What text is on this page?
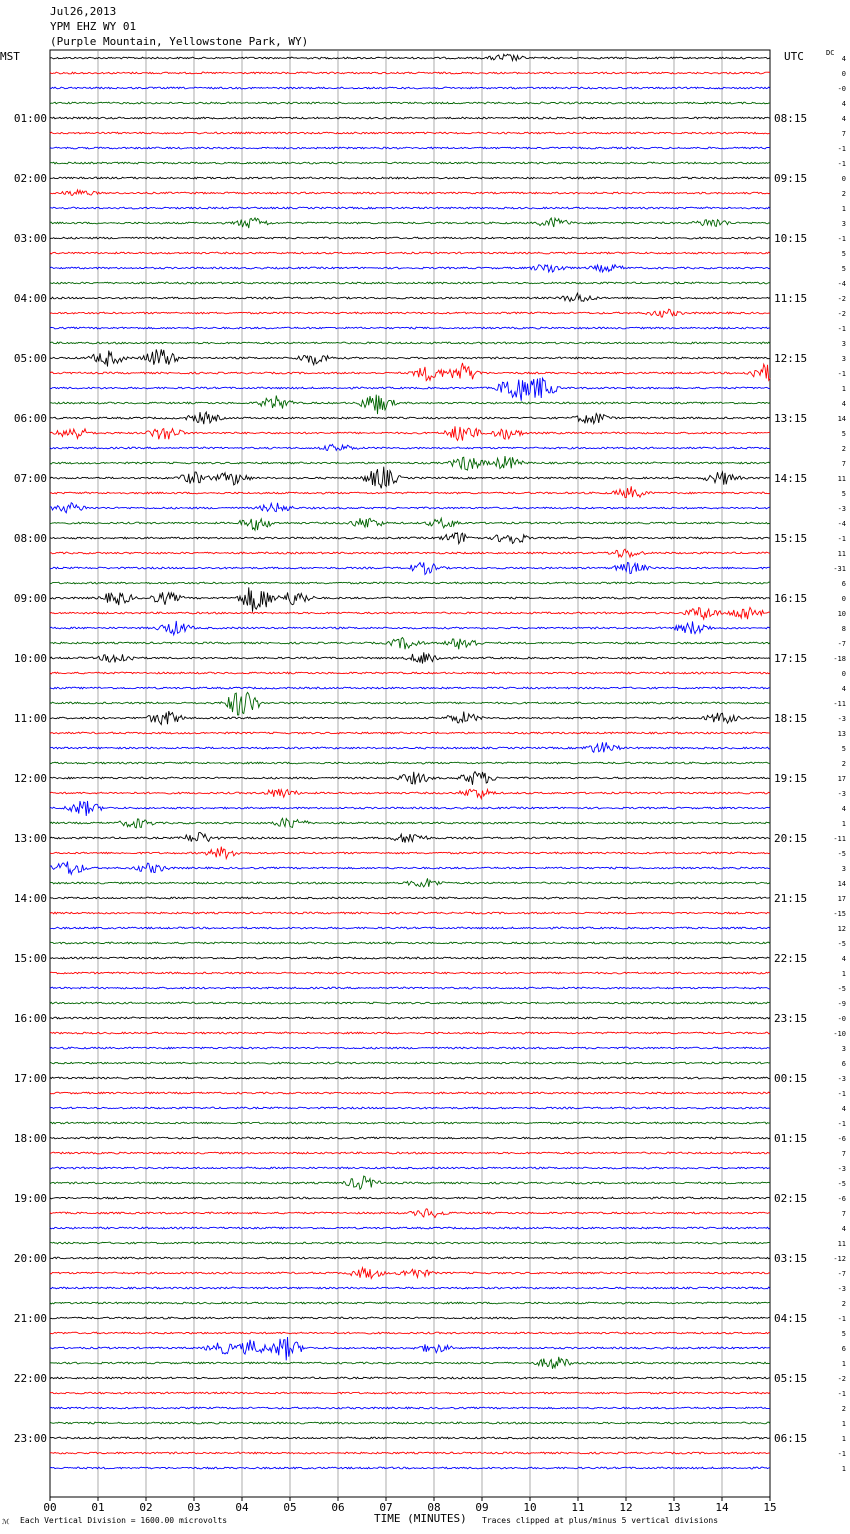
Jul26,2013
YPM EHZ WY 01
(Purple Mountain, Yellowstone Park, WY)
MST	UTC	DC
01:00
02:00
03:00
04:00
05:00
06:00
07:00
08:00
09:00
10:00
11:00
12:00
13:00
14:00
15:00
16:00
17:00
18:00
19:00
20:00
21:00
22:00
23:00
08:15
09:15
10:15
11:15
12:15
13:15
14:15
15:15
16:15
17:15
18:15
19:15
20:15
21:15
22:15
23:15
00:15
01:15
02:15
03:15
04:15
05:15
06:15
4
0
-0
4
4
7
-1
-1
0
2
1
3
-1
5
5
-4
-2
-2
-1
3
3
-1
1
4
14
5
2
7
11
5
-3
-4
-1
11
-31
6
0
10
8
-7
-18
0
4
-11
-3
13
5
2
17
-3
4
1
-11
-5
3
14
17
-15
12
-5
4
1
-5
-9
-0
-10
3
6
-3
-1
4
-1
-6
7
-3
-5
-6
7
4
11
-12
-7
-3
2
-1
5
6
1
-2
-1
2
1
1
-1
1
00	01	02	03	04	05	06	07	08	09	10	11	12	13	14	15
ℳ Each Vertical Division = 1600.00 microvolts	TIME (MINUTES) Traces clipped at plus/minus 5 vertical divisions
